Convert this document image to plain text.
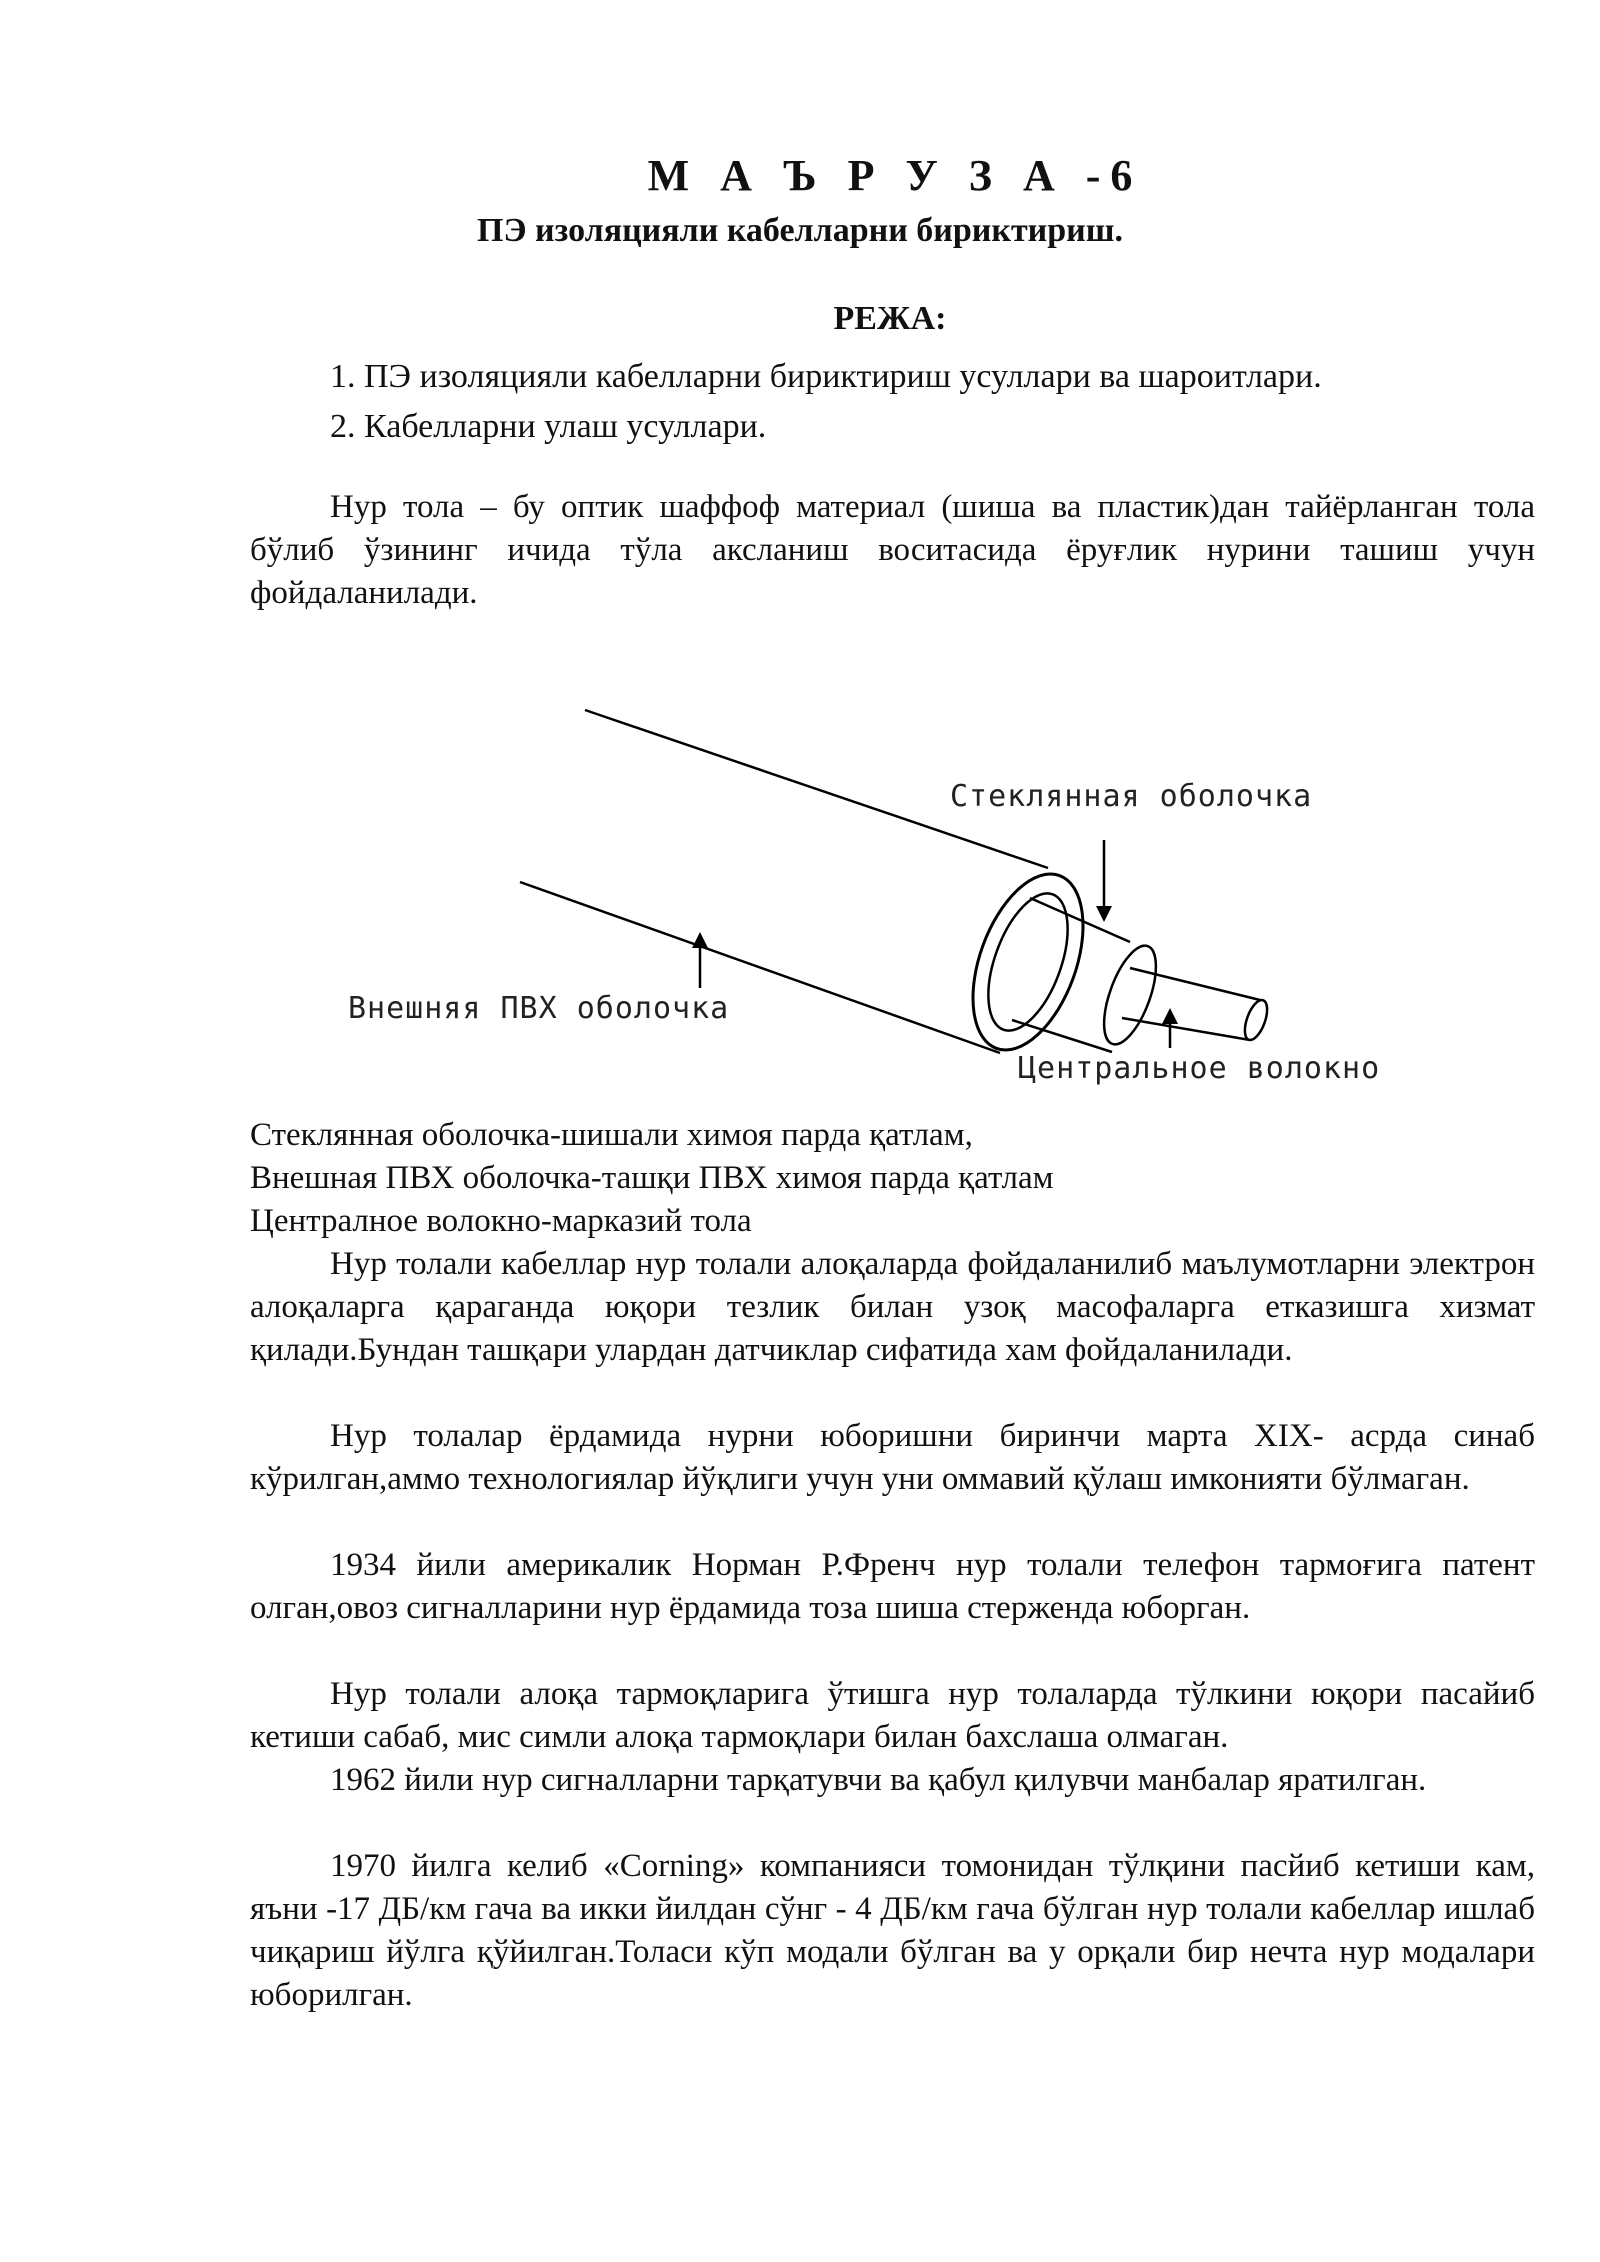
М А Ъ Р У З А -6
ПЭ изоляцияли кабелларни бириктириш.
РЕЖА:
1. ПЭ изоляцияли кабелларни бириктириш усуллари ва шароитлари.
2. Кабелларни улаш усуллари.

Нур тола – бу оптик шаффоф материал (шиша ва пластик)дан тайёрланган тола бўлиб ўзининг ичида тўла аксланиш воситасида ёруғлик нурини ташиш учун фойдаланилади.

Стеклянная оболочка
Внешняя ПВХ оболочка
Центральное волокно
Стеклянная оболочка-шишали химоя парда қатлам,
Внешная ПВХ оболочка-ташқи ПВХ химоя парда қатлам
Централное волокно-марказий тола

Нур толали кабеллар нур толали алоқаларда фойдаланилиб маълумотларни электрон алоқаларга қараганда юқори тезлик билан узоқ масофаларга етказишга хизмат қилади.Бундан ташқари улардан датчиклар сифатида хам фойдаланилади.

Нур толалар ёрдамида нурни юборишни биринчи марта XIX- асрда синаб кўрилган,аммо технологиялар йўқлиги учун уни оммавий қўлаш имконияти бўлмаган.

1934 йили америкалик Норман Р.Френч нур толали телефон тармоғига патент олган,овоз сигналларини нур ёрдамида тоза шиша стерженда юборган.

Нур толали алоқа тармоқларига ўтишга нур толаларда тўлкини юқори пасайиб кетиши сабаб, мис симли алоқа тармоқлари билан бахслаша олмаган.

1962 йили нур сигналларни тарқатувчи ва қабул қилувчи манбалар яратилган.

1970 йилга келиб «Corning» компанияси томонидан тўлқини пасйиб кетиши кам, яъни -17 ДБ/км гача ва икки йилдан сўнг - 4 ДБ/км гача бўлган нур толали кабеллар ишлаб чиқариш йўлга қўйилган.Толаси кўп модали бўлган ва у орқали бир нечта нур модалари юборилган.
